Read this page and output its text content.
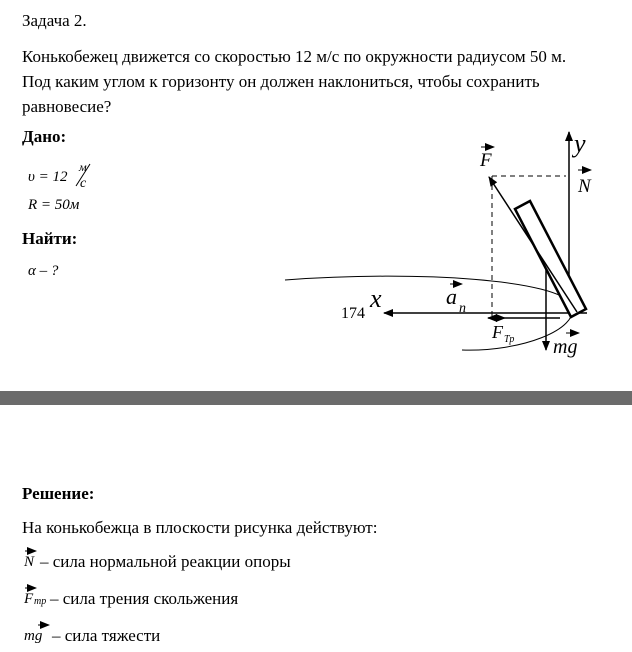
Задача 2.
Конькобежец движется со скоростью 12 м/с по окружности радиусом 50 м.
Под каким углом к горизонту он должен наклониться, чтобы сохранить
равновесие?
Дано:
υ = 12
м
с
R = 50м
Найти:
α – ?
F
y
N
x
174
a n
F Тр mg
Решение:
На конькобежца в плоскости рисунка действуют:
N – сила нормальной реакции опоры
F тр – сила трения скольжения
mg – сила тяжести
